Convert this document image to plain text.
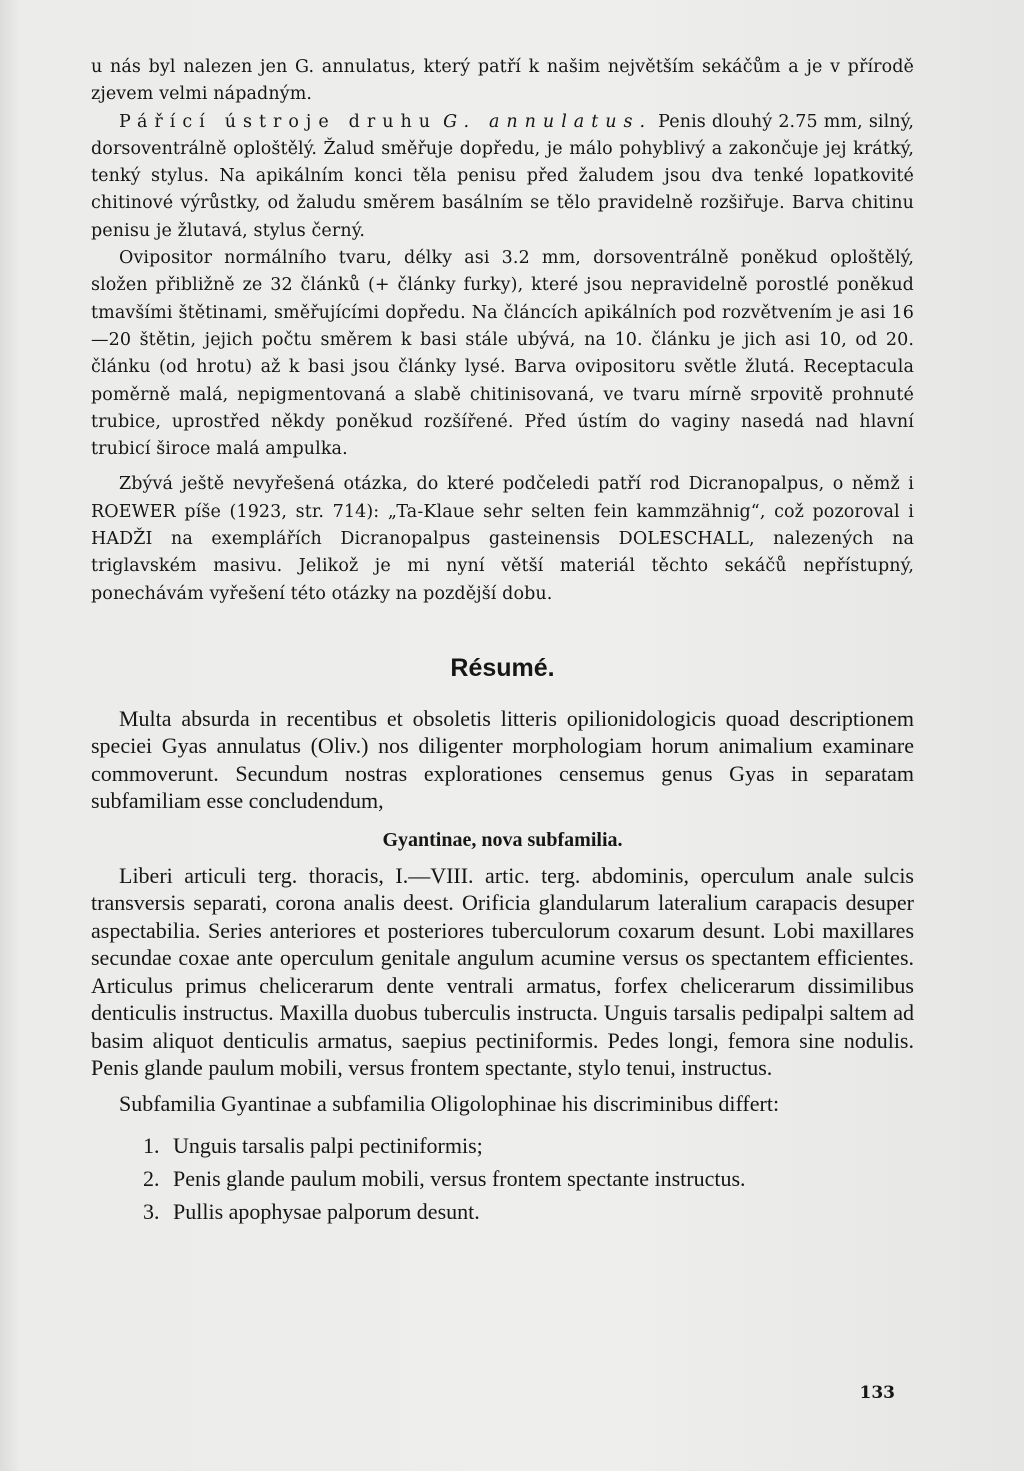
u nás byl nalezen jen G. annulatus, který patří k našim největším sekáčům a je v přírodě zjevem velmi nápadným.

Pářící ústroje druhu G. annulatus. Penis dlouhý 2.75 mm, silný, dorsoventrálně oploštělý. Žalud směřuje dopředu, je málo pohyblivý a zakončuje jej krátký, tenký stylus. Na apikálním konci těla penisu před žaludem jsou dva tenké lopatkovité chitinové výrůstky, od žaludu směrem basálním se tělo pravidelně rozšiřuje. Barva chitinu penisu je žlutavá, stylus černý.

Ovipositor normálního tvaru, délky asi 3.2 mm, dorsoventrálně poněkud oploštělý, složen přibližně ze 32 článků (+ články furky), které jsou nepravidelně porostlé poněkud tmavšími štětinami, směřujícími dopředu. Na článcích apikálních pod rozvětvením je asi 16—20 štětin, jejich počtu směrem k basi stále ubývá, na 10. článku je jich asi 10, od 20. článku (od hrotu) až k basi jsou články lysé. Barva ovipositoru světle žlutá. Receptacula poměrně malá, nepigmentovaná a slabě chitinisovaná, ve tvaru mírně srpovitě prohnuté trubice, uprostřed někdy poněkud rozšířené. Před ústím do vaginy nasedá nad hlavní trubicí široce malá ampulka.

Zbývá ještě nevyřešená otázka, do které podčeledi patří rod Dicranopalpus, o němž i ROEWER píše (1923, str. 714): „Ta-Klaue sehr selten fein kammzähnig“, což pozoroval i HADŽI na exemplářích Dicranopalpus gasteinensis DOLESCHALL, nalezených na triglavském masivu. Jelikož je mi nyní větší materiál těchto sekáčů nepřístupný, ponechávám vyřešení této otázky na pozdější dobu.

Résumé.

Multa absurda in recentibus et obsoletis litteris opilionidologicis quoad descriptionem speciei Gyas annulatus (Oliv.) nos diligenter morphologiam horum animalium examinare commoverunt. Secundum nostras explorationes censemus genus Gyas in separatam subfamiliam esse concludendum,

Gyantinae, nova subfamilia.

Liberi articuli terg. thoracis, I.—VIII. artic. terg. abdominis, operculum anale sulcis transversis separati, corona analis deest. Orificia glandularum lateralium carapacis desuper aspectabilia. Series anteriores et posteriores tuberculorum coxarum desunt. Lobi maxillares secundae coxae ante operculum genitale angulum acumine versus os spectantem efficientes. Articulus primus chelicerarum dente ventrali armatus, forfex chelicerarum dissimilibus denticulis instructus. Maxilla duobus tuberculis instructa. Unguis tarsalis pedipalpi saltem ad basim aliquot denticulis armatus, saepius pectiniformis. Pedes longi, femora sine nodulis. Penis glande paulum mobili, versus frontem spectante, stylo tenui, instructus.

Subfamilia Gyantinae a subfamilia Oligolophinae his discriminibus differt:

1. Unguis tarsalis palpi pectiniformis;
2. Penis glande paulum mobili, versus frontem spectante instructus.
3. Pullis apophysae palporum desunt.
133
